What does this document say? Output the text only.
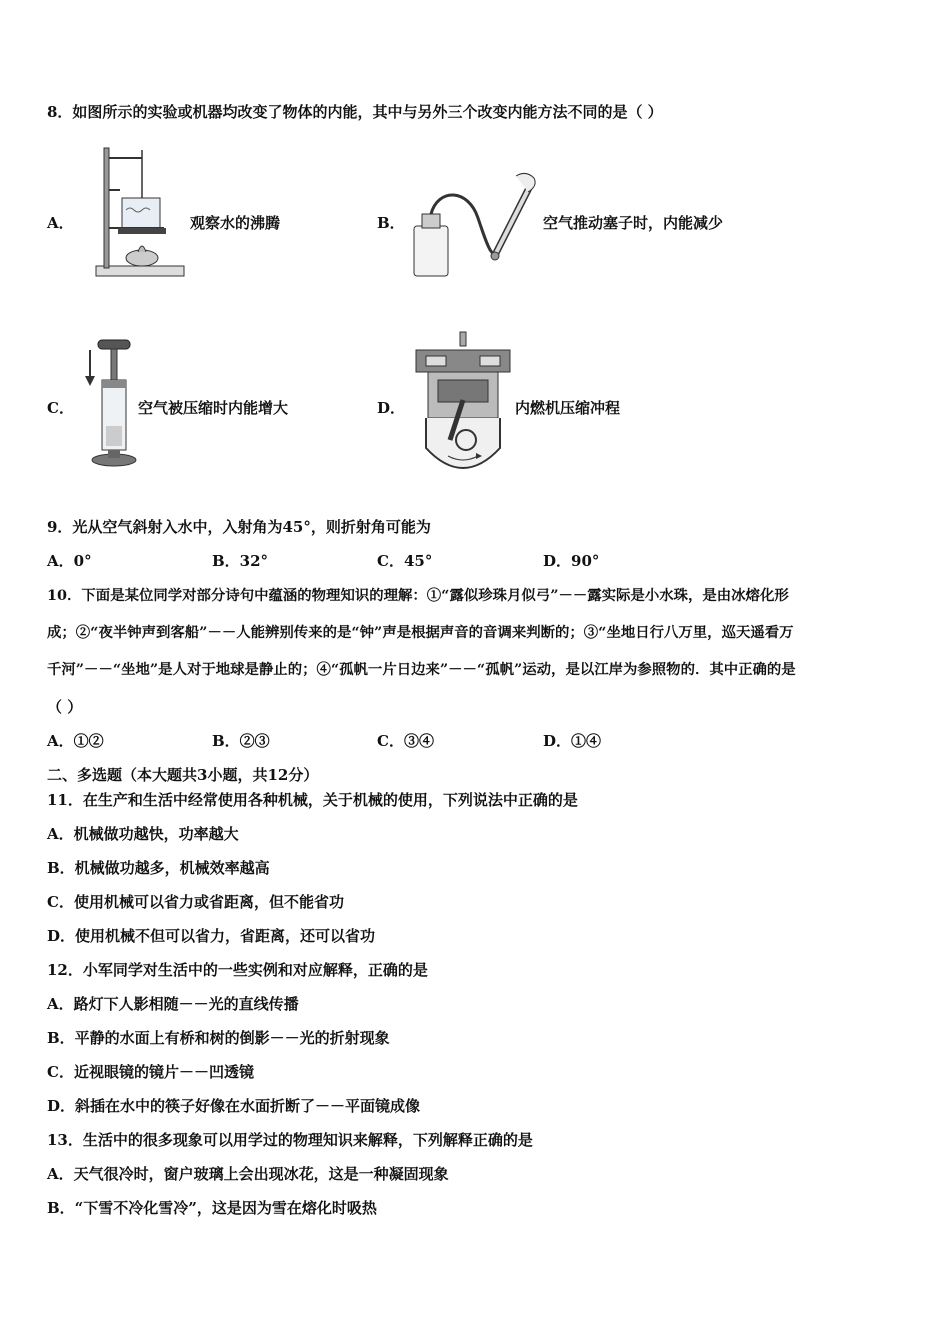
8．如图所示的实验或机器均改变了物体的内能，其中与另外三个改变内能方法不同的是（ ）
A．	观察水的沸腾	B．	空气推动塞子时，内能减少
C．	空气被压缩时内能增大	D．	内燃机压缩冲程
9．光从空气斜射入水中，入射角为45°，则折射角可能为
A．0°	B．32°	C．45°	D．90°
10．下面是某位同学对部分诗句中蕴涵的物理知识的理解：①“露似珍珠月似弓”－－露实际是小水珠，是由冰熔化形
成；②“夜半钟声到客船”－－人能辨别传来的是“钟”声是根据声音的音调来判断的；③“坐地日行八万里，巡天遥看万
千河”－－“坐地”是人对于地球是静止的；④“孤帆一片日边来”－－“孤帆”运动，是以江岸为参照物的．其中正确的是
（ ）
A．①②	B．②③	C．③④	D．①④
二、多选题（本大题共3小题，共12分）
11．在生产和生活中经常使用各种机械，关于机械的使用，下列说法中正确的是
A．机械做功越快，功率越大
B．机械做功越多，机械效率越高
C．使用机械可以省力或省距离，但不能省功
D．使用机械不但可以省力，省距离，还可以省功
12．小军同学对生活中的一些实例和对应解释，正确的是
A．路灯下人影相随－－光的直线传播
B．平静的水面上有桥和树的倒影－－光的折射现象
C．近视眼镜的镜片－－凹透镜
D．斜插在水中的筷子好像在水面折断了－－平面镜成像
13．生活中的很多现象可以用学过的物理知识来解释，下列解释正确的是
A．天气很冷时，窗户玻璃上会出现冰花，这是一种凝固现象
B．“下雪不冷化雪冷”，这是因为雪在熔化时吸热
